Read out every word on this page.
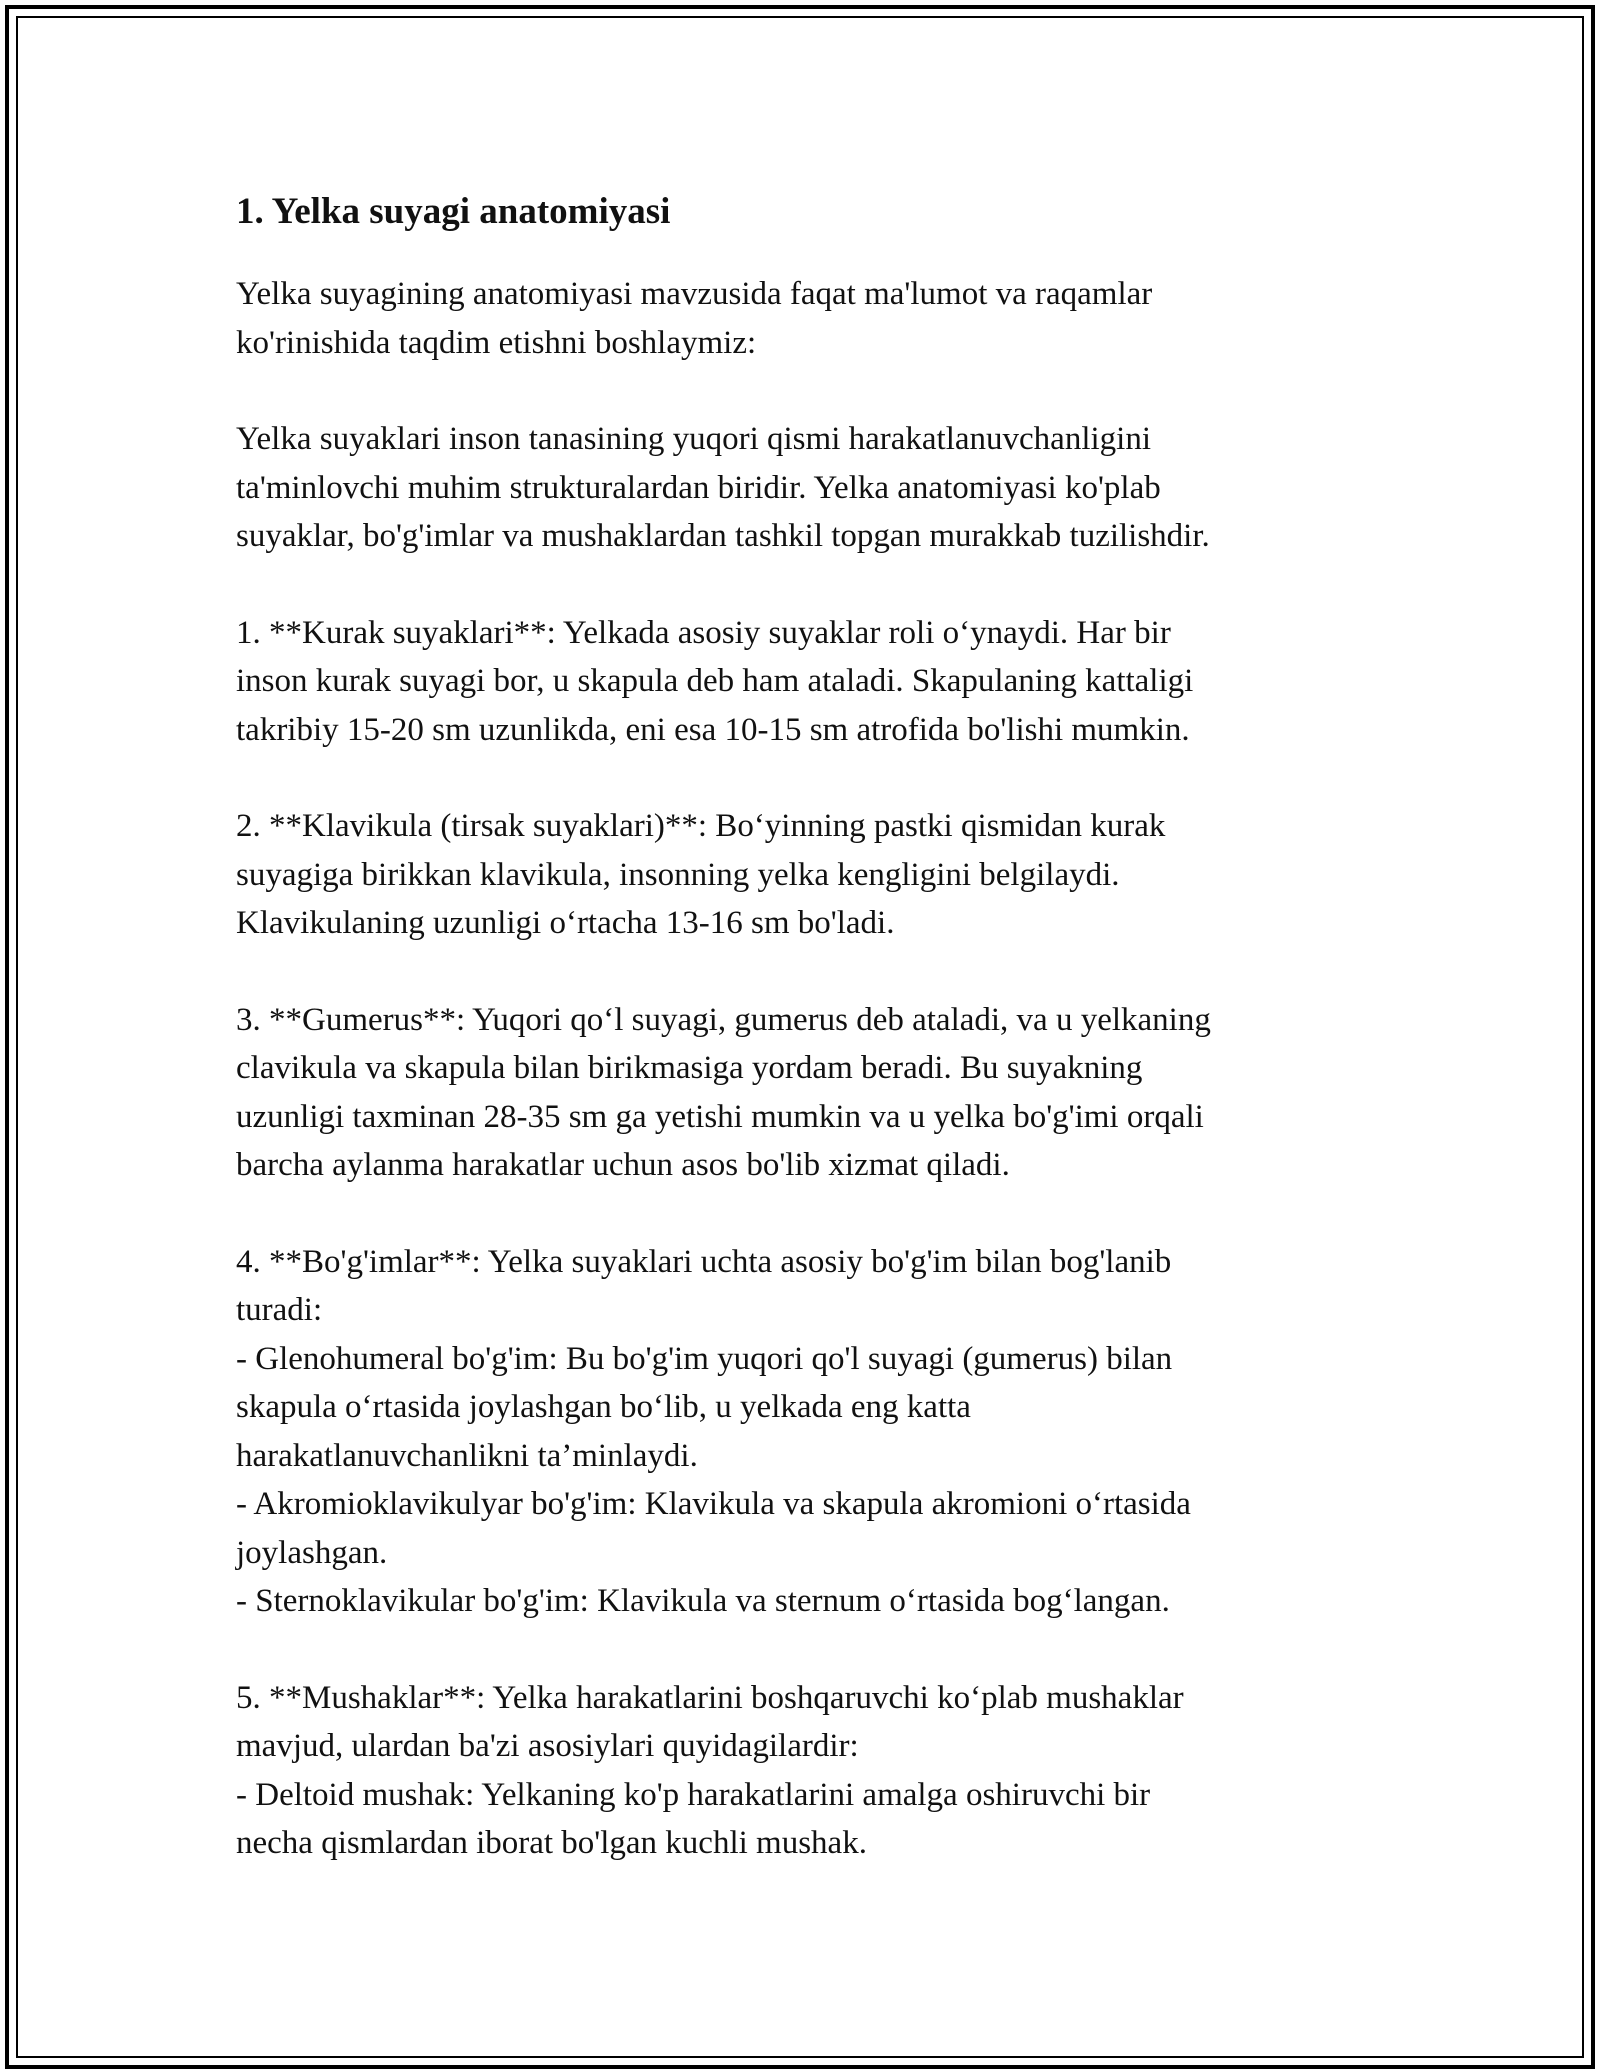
1. Yelka suyagi anatomiyasi

Yelka suyagining anatomiyasi mavzusida faqat ma'lumot va raqamlar
ko'rinishida taqdim etishni boshlaymiz:

Yelka suyaklari inson tanasining yuqori qismi harakatlanuvchanligini
ta'minlovchi muhim strukturalardan biridir. Yelka anatomiyasi ko'plab
suyaklar, bo'g'imlar va mushaklardan tashkil topgan murakkab tuzilishdir.

1. **Kurak suyaklari**: Yelkada asosiy suyaklar roli oʻynaydi. Har bir
inson kurak suyagi bor, u skapula deb ham ataladi. Skapulaning kattaligi
takribiy 15-20 sm uzunlikda, eni esa 10-15 sm atrofida bo'lishi mumkin.

2. **Klavikula (tirsak suyaklari)**: Boʻyinning pastki qismidan kurak
suyagiga birikkan klavikula, insonning yelka kengligini belgilaydi.
Klavikulaning uzunligi oʻrtacha 13-16 sm bo'ladi.

3. **Gumerus**: Yuqori qoʻl suyagi, gumerus deb ataladi, va u yelkaning
clavikula va skapula bilan birikmasiga yordam beradi. Bu suyakning
uzunligi taxminan 28-35 sm ga yetishi mumkin va u yelka bo'g'imi orqali
barcha aylanma harakatlar uchun asos bo'lib xizmat qiladi.

4. **Bo'g'imlar**: Yelka suyaklari uchta asosiy bo'g'im bilan bog'lanib
turadi:
- Glenohumeral bo'g'im: Bu bo'g'im yuqori qo'l suyagi (gumerus) bilan
skapula oʻrtasida joylashgan boʻlib, u yelkada eng katta
harakatlanuvchanlikni ta’minlaydi.
- Akromioklavikulyar bo'g'im: Klavikula va skapula akromioni oʻrtasida
joylashgan.
- Sternoklavikular bo'g'im: Klavikula va sternum oʻrtasida bogʻlangan.

5. **Mushaklar**: Yelka harakatlarini boshqaruvchi koʻplab mushaklar
mavjud, ulardan ba'zi asosiylari quyidagilardir:
- Deltoid mushak: Yelkaning ko'p harakatlarini amalga oshiruvchi bir
necha qismlardan iborat bo'lgan kuchli mushak.
